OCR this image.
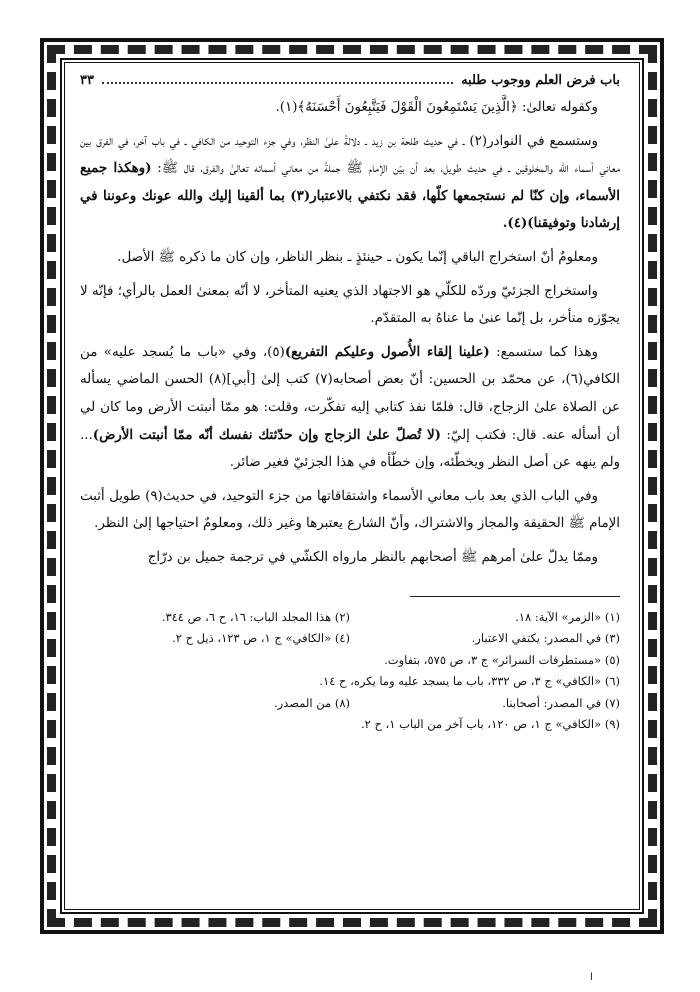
باب فرض العلم ووجوب طلبه
٣٣

وكقوله تعالىٰ: ﴿الَّذِينَ يَسْتَمِعُونَ الْقَوْلَ فَيَتَّبِعُونَ أَحْسَنَهُ﴾(١).

وستسمع في النوادر(٢) ـ في حديث طلحة بن زيد ـ دلالةً علىٰ النظر، وفي جزء التوحيد من الكافي ـ في باب آخر، في الفرق بين معاني أسماء الله والمخلوقين ـ في حديث طويل، بعد أن بيّن الإمام ﷺ جملةً من معاني أسمائه تعالىٰ والفرق، قال ﷺ: (وهكذا جميع الأسماء، وإن كنّا لم نستجمعها كلّها، فقد نكتفي بالاعتبار(٣) بما ألقينا إليك والله عونك وعوننا في إرشادنا وتوفيقنا)(٤).

ومعلومٌ أنّ استخراج الباقي إنّما يكون ـ حينئذٍ ـ بنظر الناظر، وإن كان ما ذكره ﷺ الأصل.

واستخراج الجزئيّ وردّه للكلّي هو الاجتهاد الذي يعنيه المتأخر، لا أنّه بمعنىٰ العمل بالرأي؛ فإنّه لا يجوّزه متأخر، بل إنّما عنىٰ ما عناهُ به المتقدّم.

وهذا كما ستسمع: (علينا إلقاء الأُصول وعليكم التفريع)(٥)، وفي «باب ما يُسجد عليه» من الكافي(٦)، عن محمّد بن الحسين: أنّ بعض أصحابه(٧) كتب إلىٰ [أبي](٨) الحسن الماضي يسأله عن الصلاة علىٰ الزجاج، قال: فلمّا نفذ كتابي إليه تفكّرت، وقلت: هو ممّا أنبتت الأرض وما كان لي أن أسأله عنه. قال: فكتب إليّ: (لا تُصلّ علىٰ الزجاج وإن حدّثتك نفسك أنّه ممّا أنبتت الأرض)... ولم ينهه عن أصل النظر ويخطّئه، وإن خطّأه في هذا الجزئيّ فغير ضائر.

وفي الباب الذي بعد باب معاني الأسماء واشتقاقاتها من جزء التوحيد، في حديث(٩) طويل أثبت الإمام ﷺ الحقيقة والمجاز والاشتراك، وأنّ الشارع يعتبرها وغير ذلك، ومعلومٌ احتياجها إلىٰ النظر.

وممّا يدلّ علىٰ أمرهم ﷺ أصحابهم بالنظر مارواه الكشّي في ترجمة جميل بن درّاج

(١) «الزمر» الآية: ١٨.
(٢) هذا المجلد الباب: ١٦، ح ٦، ص ٣٤٤.
(٣) في المصدر: يكتفي الاعتبار.
(٤) «الكافي» ج ١، ص ١٢٣، ذيل ح ٢.
(٥) «مستطرفات السرائر» ج ٣، ص ٥٧٥، بتفاوت.
(٦) «الكافي» ج ٣، ص ٣٣٢، باب ما يسجد عليه وما يكره، ح ١٤.
(٧) في المصدر: أصحابنا.
(٨) من المصدر.
(٩) «الكافي» ج ١، ص ١٢٠، باب آخر من الباب ١، ح ٢.
ا
